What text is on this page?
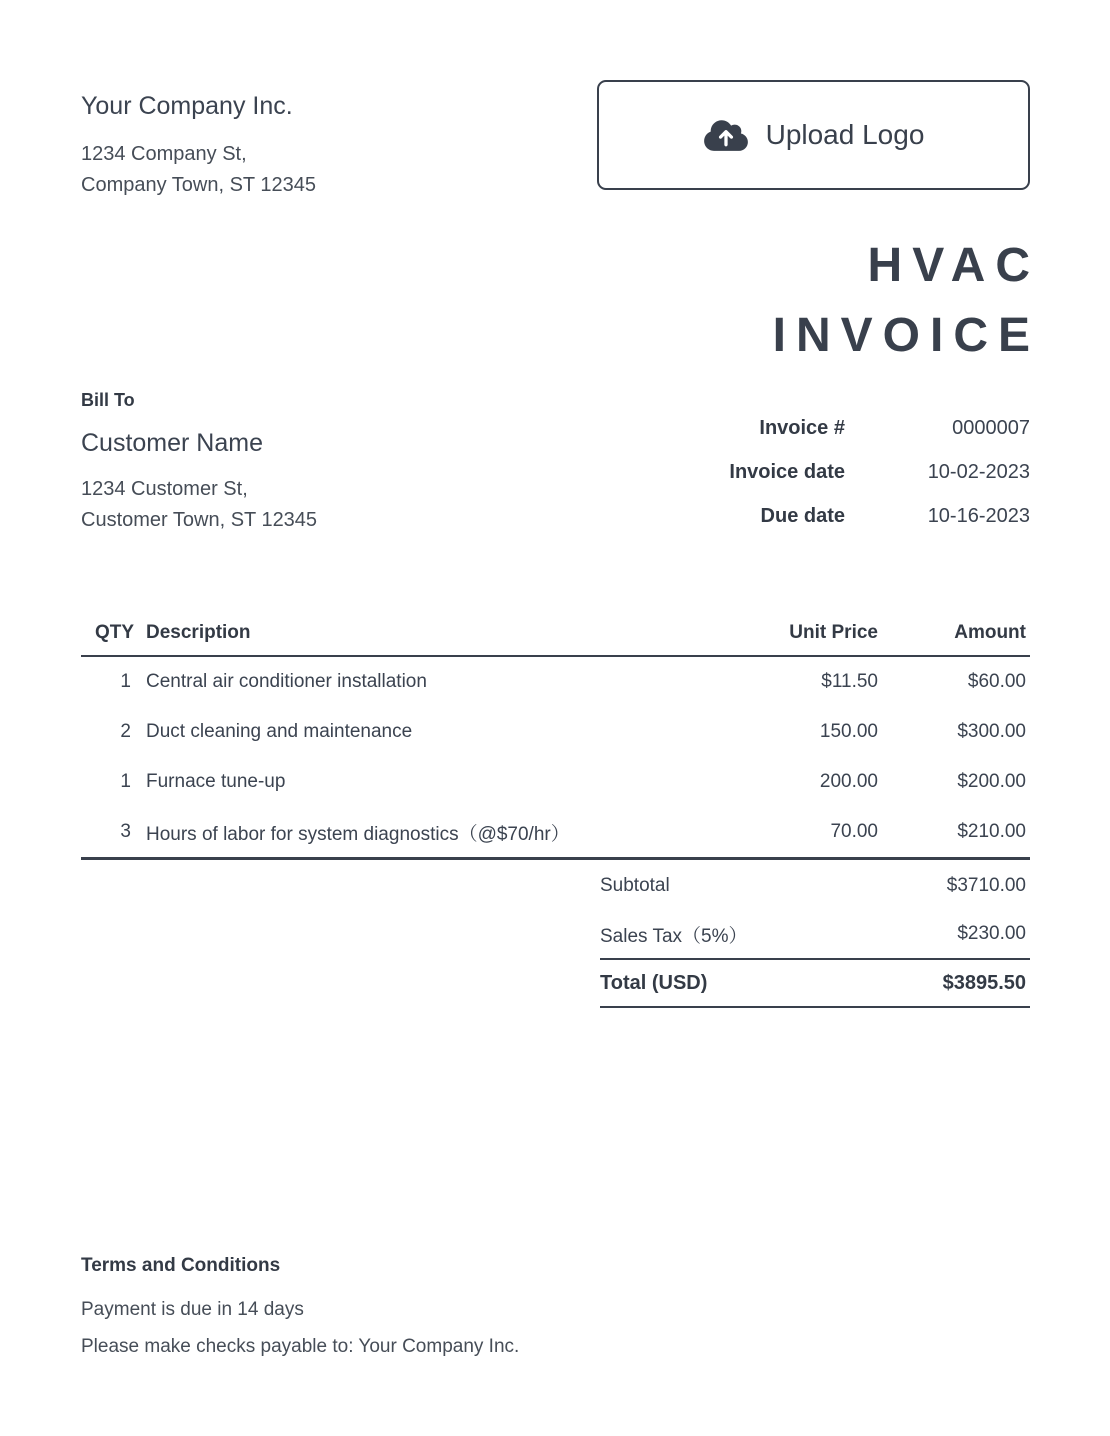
Your Company Inc.
1234 Company St,
Company Town, ST 12345
Upload Logo
HVAC
INVOICE
Bill To
Customer Name
1234 Customer St,
Customer Town, ST 12345
Invoice #	0000007
Invoice date	10-02-2023
Due date	10-16-2023
QTY Description	Unit Price	Amount
1 Central air conditioner installation	$11.50	$60.00
2 Duct cleaning and maintenance	150.00	$300.00
1 Furnace tune-up	200.00	$200.00
3 Hours of labor for system diagnostics（@$70/hr）	70.00	$210.00
Subtotal	$3710.00
Sales Tax（5%）	$230.00
Total (USD)	$3895.50
Terms and Conditions
Payment is due in 14 days
Please make checks payable to: Your Company Inc.
